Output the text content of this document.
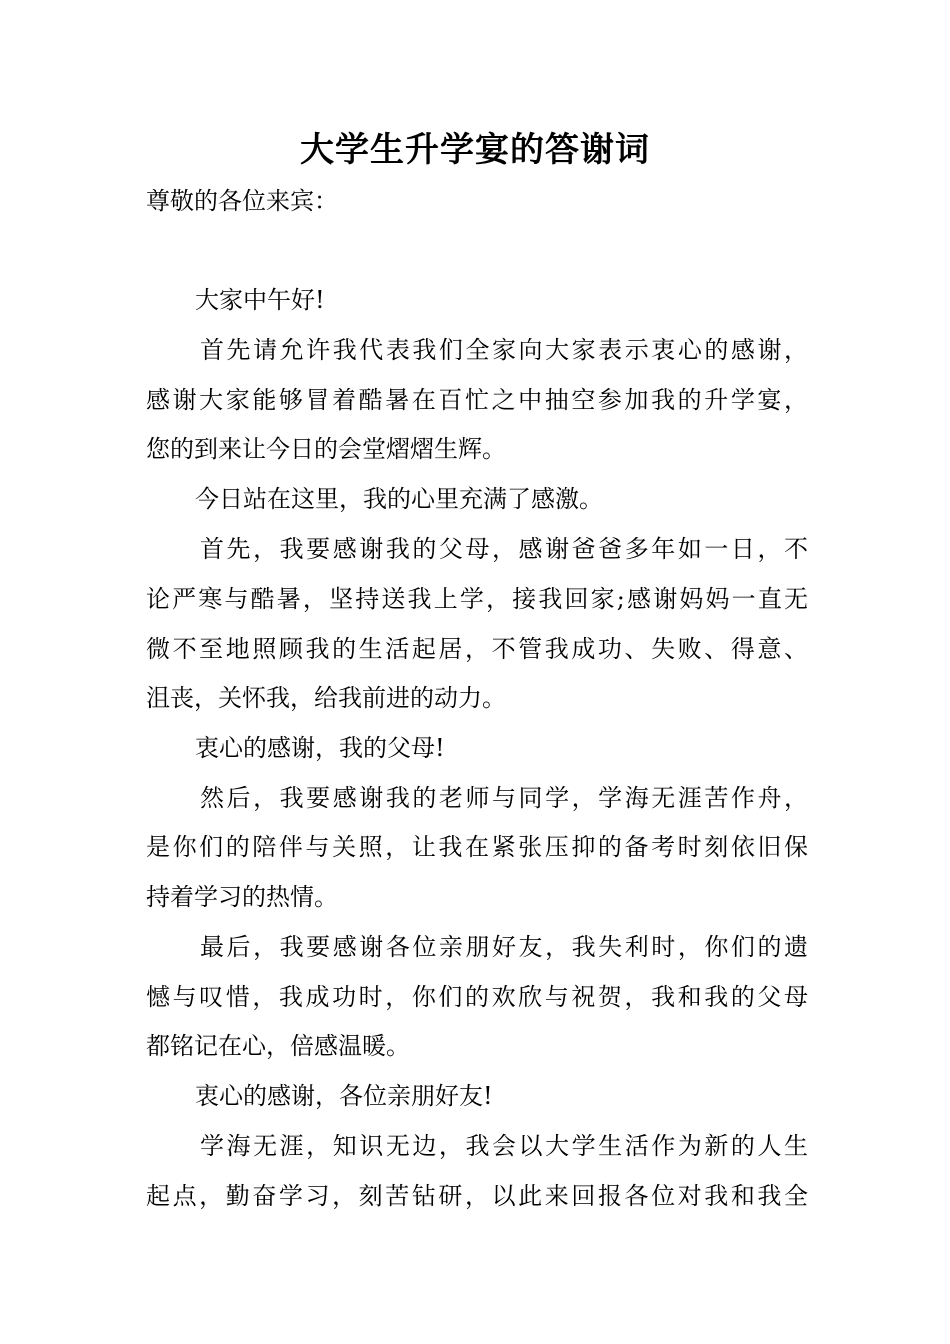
大学生升学宴的答谢词
尊敬的各位来宾：
大家中午好!
首先请允许我代表我们全家向大家表示衷心的感谢，
感谢大家能够冒着酷暑在百忙之中抽空参加我的升学宴，
您的到来让今日的会堂熠熠生辉。
今日站在这里，我的心里充满了感激。
首先，我要感谢我的父母，感谢爸爸多年如一日，不
论严寒与酷暑，坚持送我上学，接我回家;感谢妈妈一直无
微不至地照顾我的生活起居，不管我成功、失败、得意、
沮丧，关怀我，给我前进的动力。
衷心的感谢，我的父母!
然后，我要感谢我的老师与同学，学海无涯苦作舟，
是你们的陪伴与关照，让我在紧张压抑的备考时刻依旧保
持着学习的热情。
最后，我要感谢各位亲朋好友，我失利时，你们的遗
憾与叹惜，我成功时，你们的欢欣与祝贺，我和我的父母
都铭记在心，倍感温暖。
衷心的感谢，各位亲朋好友!
学海无涯，知识无边，我会以大学生活作为新的人生
起点，勤奋学习，刻苦钻研，以此来回报各位对我和我全
